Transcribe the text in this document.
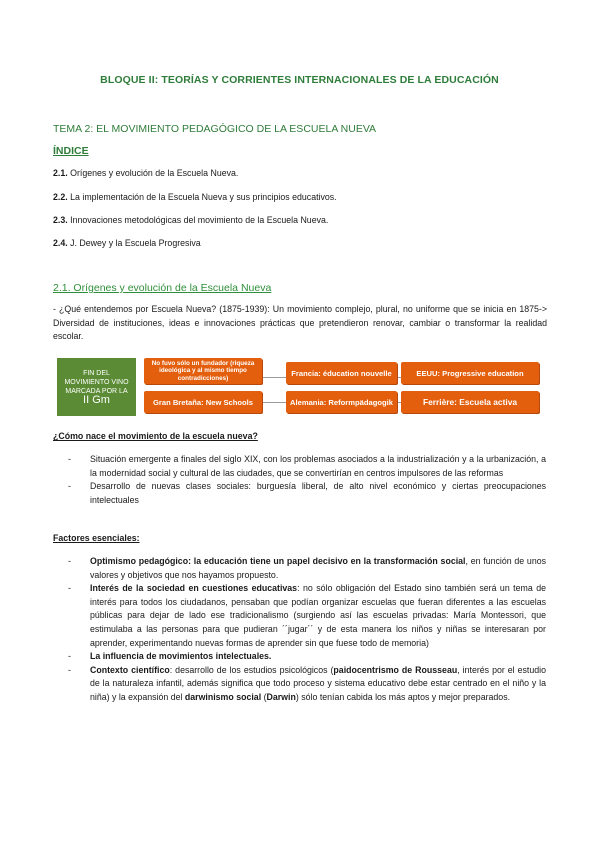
BLOQUE II: TEORÍAS Y CORRIENTES INTERNACIONALES DE LA EDUCACIÓN
TEMA 2: EL MOVIMIENTO PEDAGÓGICO DE LA ESCUELA NUEVA
ÍNDICE
2.1. Orígenes y evolución de la Escuela Nueva.
2.2. La implementación de la Escuela Nueva y sus principios educativos.
2.3. Innovaciones metodológicas del movimiento de la Escuela Nueva.
2.4. J. Dewey y la Escuela Progresiva
2.1. Orígenes y evolución de la Escuela Nueva
- ¿Qué entendemos por Escuela Nueva? (1875-1939): Un movimiento complejo, plural, no uniforme que se inicia en 1875-> Diversidad de instituciones, ideas e innovaciones prácticas que pretendieron renovar, cambiar o transformar la realidad escolar.
FIN DEL
MOVIMIENTO VINO
MARCADA POR LA
II Gm
No fuvo sólo un fundador (riqueza ideológica y al mismo tiempo contradicciones)
Francia: éducation nouvelle	EEUU: Progressive education
Gran Bretaña: New Schools	Alemania: Reformpädagogik	Ferrière: Escuela activa
¿Cómo nace el movimiento de la escuela nueva?
- Situación emergente a finales del siglo XIX, con los problemas asociados a la industrialización y a la urbanización, a la modernidad social y cultural de las ciudades, que se convertirían en centros impulsores de las reformas
- Desarrollo de nuevas clases sociales: burguesía liberal, de alto nivel económico y ciertas preocupaciones intelectuales
Factores esenciales:
- Optimismo pedagógico: la educación tiene un papel decisivo en la transformación social, en función de unos valores y objetivos que nos hayamos propuesto.
- Interés de la sociedad en cuestiones educativas: no sólo obligación del Estado sino también será un tema de interés para todos los ciudadanos, pensaban que podían organizar escuelas que fueran diferentes a las escuelas públicas para dejar de lado ese tradicionalismo (surgiendo así las escuelas privadas: María Montessori, que estimulaba a las personas para que pudieran ´´jugar´´ y de esta manera los niños y niñas se interesaran por aprender, experimentando nuevas formas de aprender sin que fuese todo de memoria)
- La influencia de movimientos intelectuales.
- Contexto científico: desarrollo de los estudios psicológicos (paidocentrismo de Rousseau, interés por el estudio de la naturaleza infantil, además significa que todo proceso y sistema educativo debe estar centrado en el niño y la niña) y la expansión del darwinismo social (Darwin) sólo tenían cabida los más aptos y mejor preparados.
